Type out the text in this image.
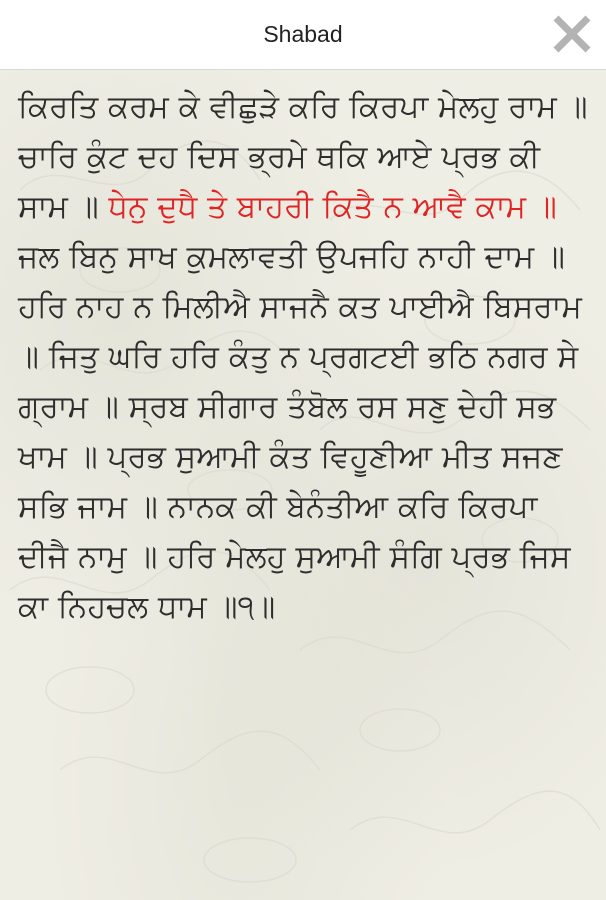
Shabad

ਕਿਰਤਿ ਕਰਮ ਕੇ ਵੀਛੁੜੇ ਕਰਿ ਕਿਰਪਾ ਮੇਲਹੁ ਰਾਮ ॥ ਚਾਰਿ ਕੁੰਟ ਦਹ ਦਿਸ ਭ੍ਰਮੇ ਥਕਿ ਆਏ ਪ੍ਰਭ ਕੀ ਸਾਮ ॥ ਧੇਨੁ ਦੁਧੈ ਤੇ ਬਾਹਰੀ ਕਿਤੈ ਨ ਆਵੈ ਕਾਮ ॥ ਜਲ ਬਿਨੁ ਸਾਖ ਕੁਮਲਾਵਤੀ ਉਪਜਹਿ ਨਾਹੀ ਦਾਮ ॥ ਹਰਿ ਨਾਹ ਨ ਮਿਲੀਐ ਸਾਜਨੈ ਕਤ ਪਾਈਐ ਬਿਸਰਾਮ ॥ ਜਿਤੁ ਘਰਿ ਹਰਿ ਕੰਤੁ ਨ ਪ੍ਰਗਟਈ ਭਠਿ ਨਗਰ ਸੇ ਗ੍ਰਾਮ ॥ ਸ੍ਰਬ ਸੀਗਾਰ ਤੰਬੋਲ ਰਸ ਸਣੁ ਦੇਹੀ ਸਭ ਖਾਮ ॥ ਪ੍ਰਭ ਸੁਆਮੀ ਕੰਤ ਵਿਹੂਣੀਆ ਮੀਤ ਸਜਣ ਸਭਿ ਜਾਮ ॥ ਨਾਨਕ ਕੀ ਬੇਨੰਤੀਆ ਕਰਿ ਕਿਰਪਾ ਦੀਜੈ ਨਾਮੁ ॥ ਹਰਿ ਮੇਲਹੁ ਸੁਆਮੀ ਸੰਗਿ ਪ੍ਰਭ ਜਿਸ ਕਾ ਨਿਹਚਲ ਧਾਮ ॥੧॥
